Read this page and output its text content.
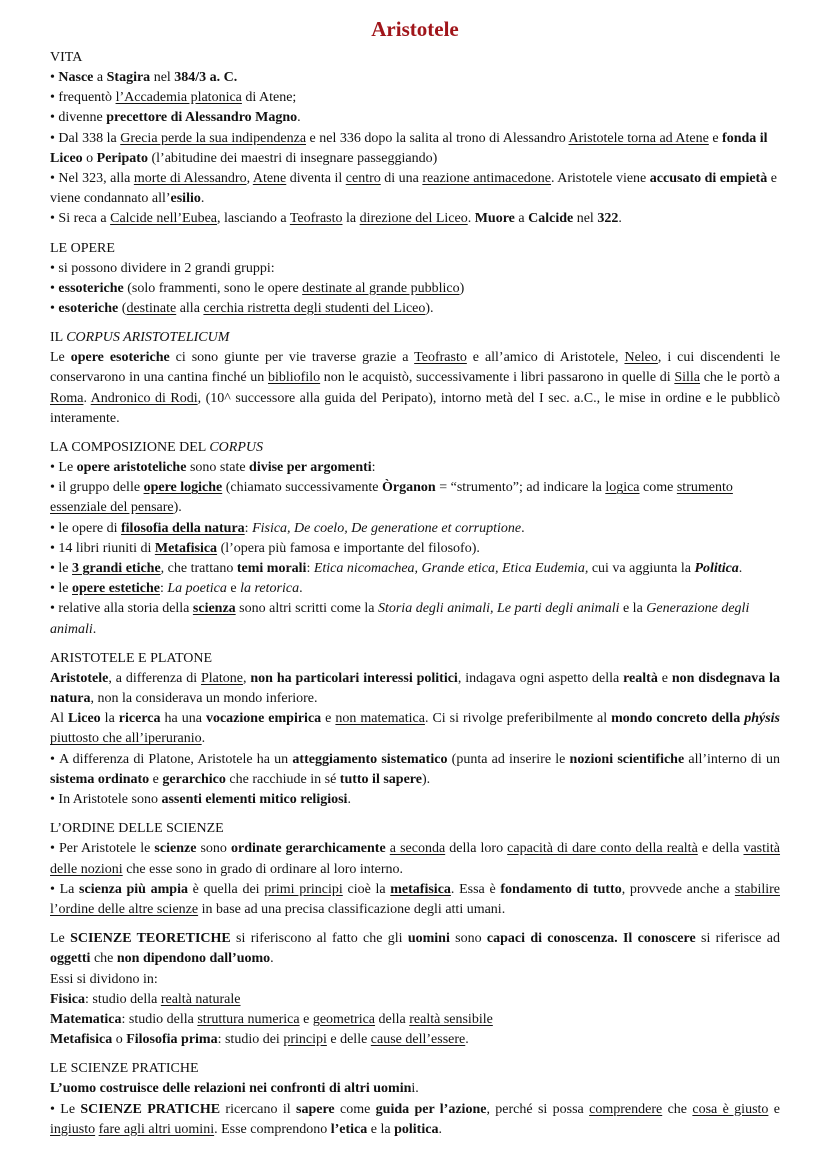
Aristotele
VITA

• Nasce a Stagira nel 384/3 a. C.

• frequentò l’Accademia platonica di Atene;

• divenne precettore di Alessandro Magno.

• Dal 338 la Grecia perde la sua indipendenza e nel 336 dopo la salita al trono di Alessandro Aristotele torna ad Atene e fonda il Liceo o Peripato (l’abitudine dei maestri di insegnare passeggiando)

• Nel 323, alla morte di Alessandro, Atene diventa il centro di una reazione antimacedone. Aristotele viene accusato di empietà e viene condannato all’esilio.

• Si reca a Calcide nell’Eubea, lasciando a Teofrasto la direzione del Liceo. Muore a Calcide nel 322.

LE OPERE

• si possono dividere in 2 grandi gruppi:

• essoteriche (solo frammenti, sono le opere destinate al grande pubblico)

• esoteriche (destinate alla cerchia ristretta degli studenti del Liceo).

IL CORPUS ARISTOTELICUM

Le opere esoteriche ci sono giunte per vie traverse grazie a Teofrasto e all’amico di Aristotele, Neleo, i cui discendenti le conservarono in una cantina finché un bibliofilo non le acquistò, successivamente i libri passarono in quelle di Silla che le portò a Roma. Andronico di Rodi, (10^ successore alla guida del Peripato), intorno metà del I sec. a.C., le mise in ordine e le pubblicò interamente.

LA COMPOSIZIONE DEL CORPUS

• Le opere aristoteliche sono state divise per argomenti:

• il gruppo delle opere logiche (chiamato successivamente Òrganon = “strumento”; ad indicare la logica come strumento essenziale del pensare).

• le opere di filosofia della natura: Fisica, De coelo, De generatione et corruptione.

• 14 libri riuniti di Metafisica (l’opera più famosa e importante del filosofo).

• le 3 grandi etiche, che trattano temi morali: Etica nicomachea, Grande etica, Etica Eudemia, cui va aggiunta la Politica.

• le opere estetiche: La poetica e la retorica.

• relative alla storia della scienza sono altri scritti come la Storia degli animali, Le parti degli animali e la Generazione degli animali.

ARISTOTELE E PLATONE

Aristotele, a differenza di Platone, non ha particolari interessi politici, indagava ogni aspetto della realtà e non disdegnava la natura, non la considerava un mondo inferiore.

Al Liceo la ricerca ha una vocazione empirica e non matematica. Ci si rivolge preferibilmente al mondo concreto della phýsis piuttosto che all’iperuranio.

• A differenza di Platone, Aristotele ha un atteggiamento sistematico (punta ad inserire le nozioni scientifiche all’interno di un sistema ordinato e gerarchico che racchiude in sé tutto il sapere).

• In Aristotele sono assenti elementi mitico religiosi.

L’ORDINE DELLE SCIENZE

• Per Aristotele le scienze sono ordinate gerarchicamente a seconda della loro capacità di dare conto della realtà e della vastità delle nozioni che esse sono in grado di ordinare al loro interno.

• La scienza più ampia è quella dei primi principi cioè la metafisica. Essa è fondamento di tutto, provvede anche a stabilire l’ordine delle altre scienze in base ad una precisa classificazione degli atti umani.

Le SCIENZE TEORETICHE si riferiscono al fatto che gli uomini sono capaci di conoscenza. Il conoscere si riferisce ad oggetti che non dipendono dall’uomo.

Essi si dividono in:

Fisica: studio della realtà naturale

Matematica: studio della struttura numerica e geometrica della realtà sensibile

Metafisica o Filosofia prima: studio dei principi e delle cause dell’essere.

LE SCIENZE PRATICHE

L’uomo costruisce delle relazioni nei confronti di altri uomini.

• Le SCIENZE PRATICHE ricercano il sapere come guida per l’azione, perché si possa comprendere che cosa è giusto e ingiusto fare agli altri uomini. Esse comprendono l’etica e la politica.
